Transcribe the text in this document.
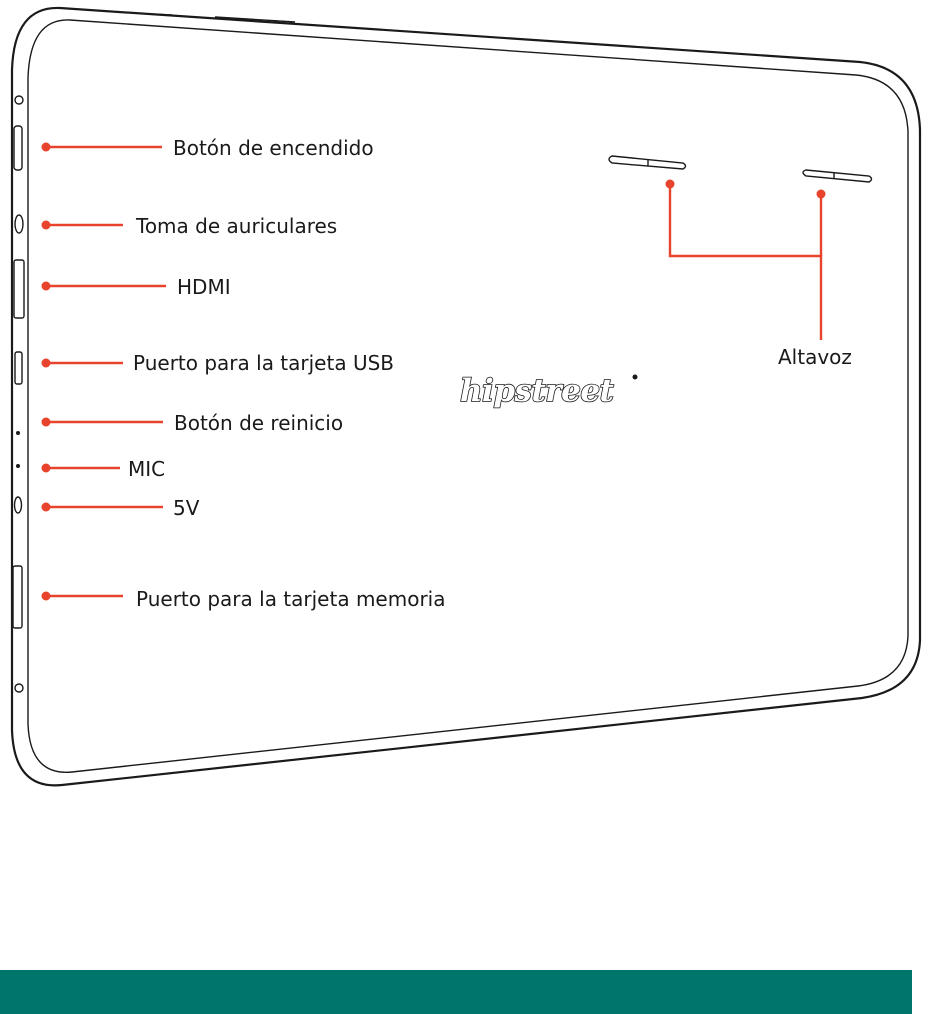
hipstreet
Botón de encendido
Toma de auriculares
HDMI
Puerto para la tarjeta USB
Botón de reinicio
MIC
5V
Puerto para la tarjeta memoria
Altavoz
